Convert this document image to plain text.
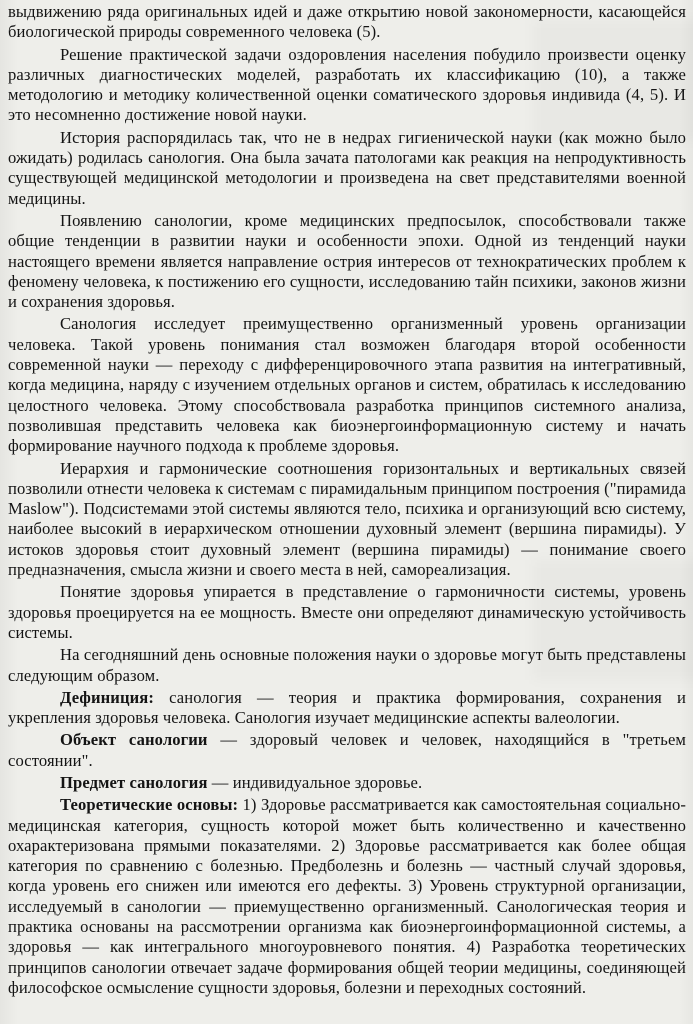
выдвижению ряда оригинальных идей и даже открытию новой закономерности, касающейся биологической природы современного человека (5).

Решение практической задачи оздоровления населения побудило произвести оценку различных диагностических моделей, разработать их классификацию (10), а также методологию и методику количественной оценки соматического здоровья индивида (4, 5). И это несомненно достижение новой науки.

История распорядилась так, что не в недрах гигиенической науки (как можно было ожидать) родилась санология. Она была зачата патологами как реакция на непродуктивность существующей медицинской методологии и произведена на свет представителями военной медицины.

Появлению санологии, кроме медицинских предпосылок, способствовали также общие тенденции в развитии науки и особенноcти эпохи. Одной из тенденций науки настоящего времени является направление острия интересов от технократических проблем к феномену человека, к постижению его сущности, исследованию тайн психики, законов жизни и сохранения здоровья.

Санология исследует преимущественно организменный уровень организации человека. Такой уровень понимания стал возможен благодаря второй особенности современной науки — переходу с дифференцировочного этапа развития на интегративный, когда медицина, наряду с изучением отдельных органов и систем, обратилась к исследованию целостного человека. Этому способствовала разработка принципов системного анализа, позволившая представить человека как биоэнергоинформационную систему и начать формирование научного подхода к проблеме здоровья.

Иерархия и гармонические соотношения горизонтальных и вертикальных связей позволили отнести человека к системам с пирамидальным принципом построения ("пирамида Maslow"). Подсистемами этой системы являются тело, психика и организующий всю систему, наиболее высокий в иерархическом отношении духовный элемент (вершина пирамиды). У истоков здоровья стоит духовный элемент (вершина пирамиды) — понимание своего предназначения, смысла жизни и своего места в ней, самореализация.

Понятие здоровья упирается в представление о гармоничности системы, уровень здоровья проецируется на ее мощность. Вместе они определяют динамическую устойчивость системы.

На сегодняшний день основные положения науки о здоровье могут быть представлены следующим образом.

Дефиниция: санология — теория и практика формирования, сохранения и укрепления здоровья человека. Санология изучает медицинские аспекты валеологии.

Объект санологии — здоровый человек и человек, находящийся в "третьем состоянии".

Предмет санология — индивидуальное здоровье.

Теоретические основы: 1) Здоровье рассматривается как самостоятельная социально-медицинская категория, сущность которой может быть количественно и качественно охарактеризована прямыми показателями. 2) Здоровье рассматривается как более общая категория по сравнению с болезнью. Предболезнь и болезнь — частный случай здоровья, когда уровень его снижен или имеются его дефекты. 3) Уровень структурной организации, исследуемый в санологии — приемущественно организменный. Санологическая теория и практика основаны на рассмотрении организма как биоэнергоинформационной системы, а здоровья — как интегрального многоуровневого понятия. 4) Разработка теоретических принципов санологии отвечает задаче формирования общей теории медицины, соединяющей философское осмысление сущности здоровья, болезни и переходных состояний.
